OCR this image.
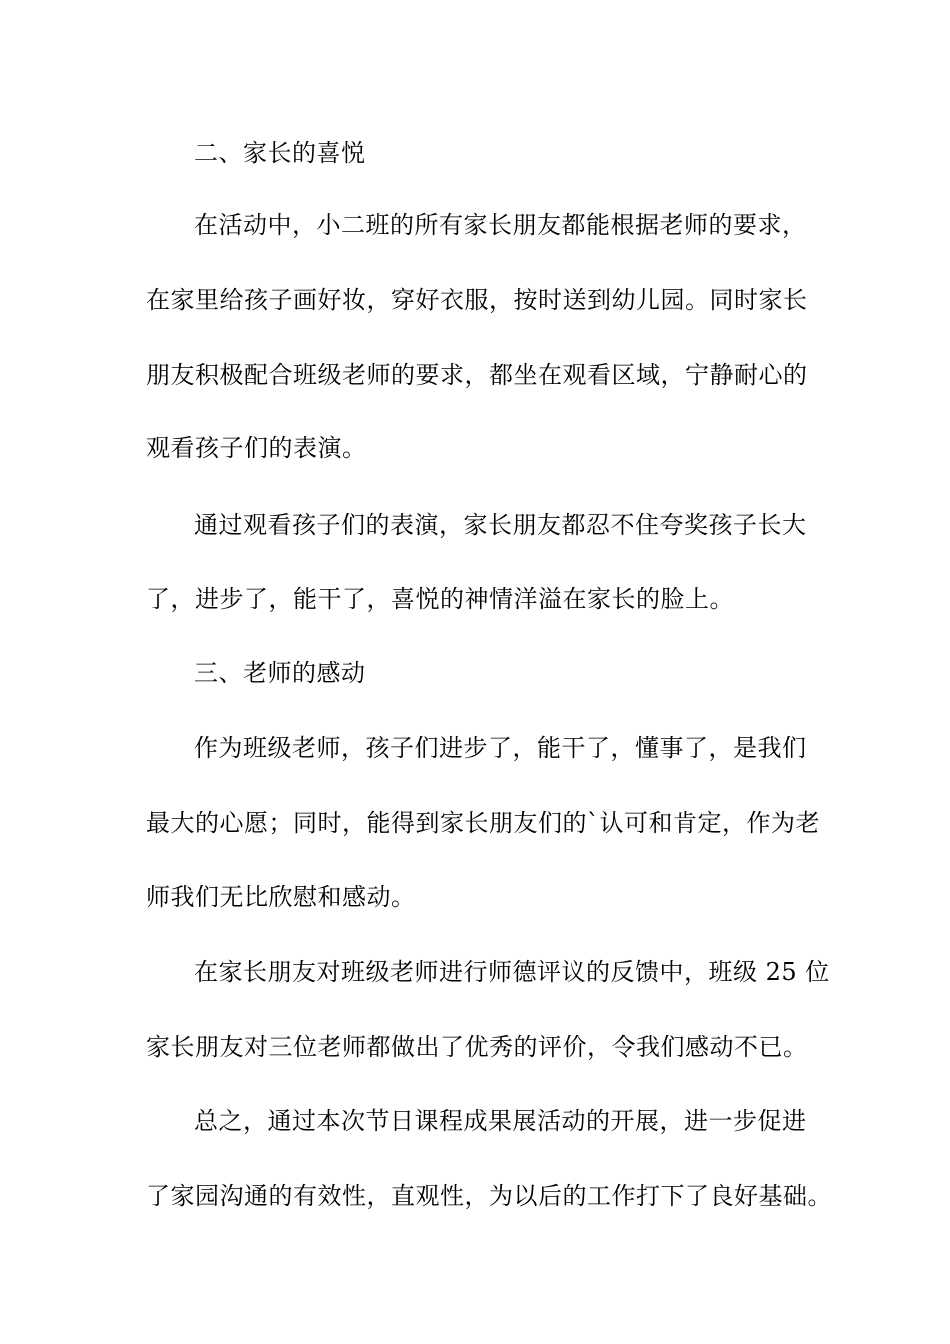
二、家长的喜悦
在活动中，小二班的所有家长朋友都能根据老师的要求，
在家里给孩子画好妆，穿好衣服，按时送到幼儿园。同时家长
朋友积极配合班级老师的要求，都坐在观看区域，宁静耐心的
观看孩子们的表演。
通过观看孩子们的表演，家长朋友都忍不住夸奖孩子长大
了，进步了，能干了，喜悦的神情洋溢在家长的脸上。
三、老师的感动
作为班级老师，孩子们进步了，能干了，懂事了，是我们
最大的心愿；同时，能得到家长朋友们的`认可和肯定，作为老
师我们无比欣慰和感动。
在家长朋友对班级老师进行师德评议的反馈中，班级 25 位
家长朋友对三位老师都做出了优秀的评价，令我们感动不已。
总之，通过本次节日课程成果展活动的开展，进一步促进
了家园沟通的有效性，直观性，为以后的工作打下了良好基础。
